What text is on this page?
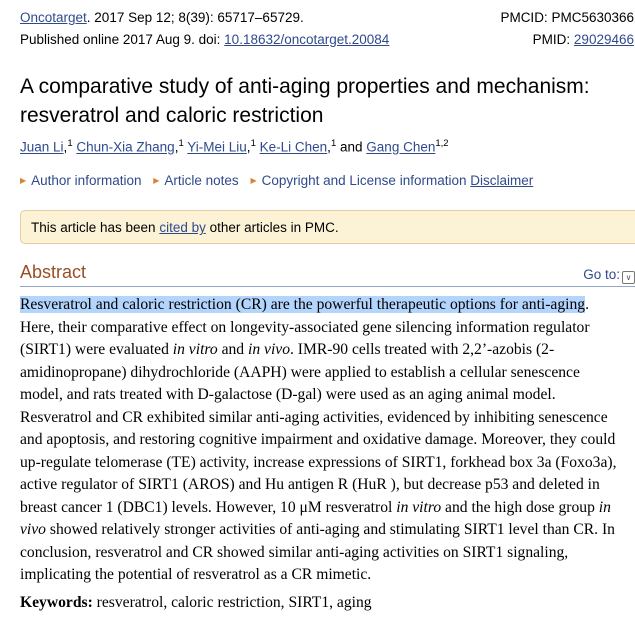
Oncotarget. 2017 Sep 12; 8(39): 65717–65729.	PMCID: PMC5630366
Published online 2017 Aug 9. doi: 10.18632/oncotarget.20084	PMID: 29029466
A comparative study of anti-aging properties and mechanism: resveratrol and caloric restriction
Juan Li,$^1$ Chun-Xia Zhang,$^1$ Yi-Mei Liu,$^1$ Ke-Li Chen,$^1$ and Gang Chen$^{1,2}$
▶ Author information ▶ Article notes ▶ Copyright and License information Disclaimer
This article has been cited by other articles in PMC.
Abstract	Go to: ∨
Resveratrol and caloric restriction (CR) are the powerful therapeutic options for anti-aging.
Here, their comparative effect on longevity-associated gene silencing information regulator
(SIRT1) were evaluated in vitro and in vivo. IMR-90 cells treated with 2,2’-azobis (2-
amidinopropane) dihydrochloride (AAPH) were applied to establish a cellular senescence
model, and rats treated with D-galactose (D-gal) were used as an aging animal model.
Resveratrol and CR exhibited similar anti-aging activities, evidenced by inhibiting senescence
and apoptosis, and restoring cognitive impairment and oxidative damage. Moreover, they could
up-regulate telomerase (TE) activity, increase expressions of SIRT1, forkhead box 3a (Foxo3a),
active regulator of SIRT1 (AROS) and Hu antigen R (HuR ), but decrease p53 and deleted in
breast cancer 1 (DBC1) levels. However, 10 μM resveratrol in vitro and the high dose group in
vivo showed relatively stronger activities of anti-aging and stimulating SIRT1 level than CR. In
conclusion, resveratrol and CR showed similar anti-aging activities on SIRT1 signaling,
implicating the potential of resveratrol as a CR mimetic.
Keywords: resveratrol, caloric restriction, SIRT1, aging
